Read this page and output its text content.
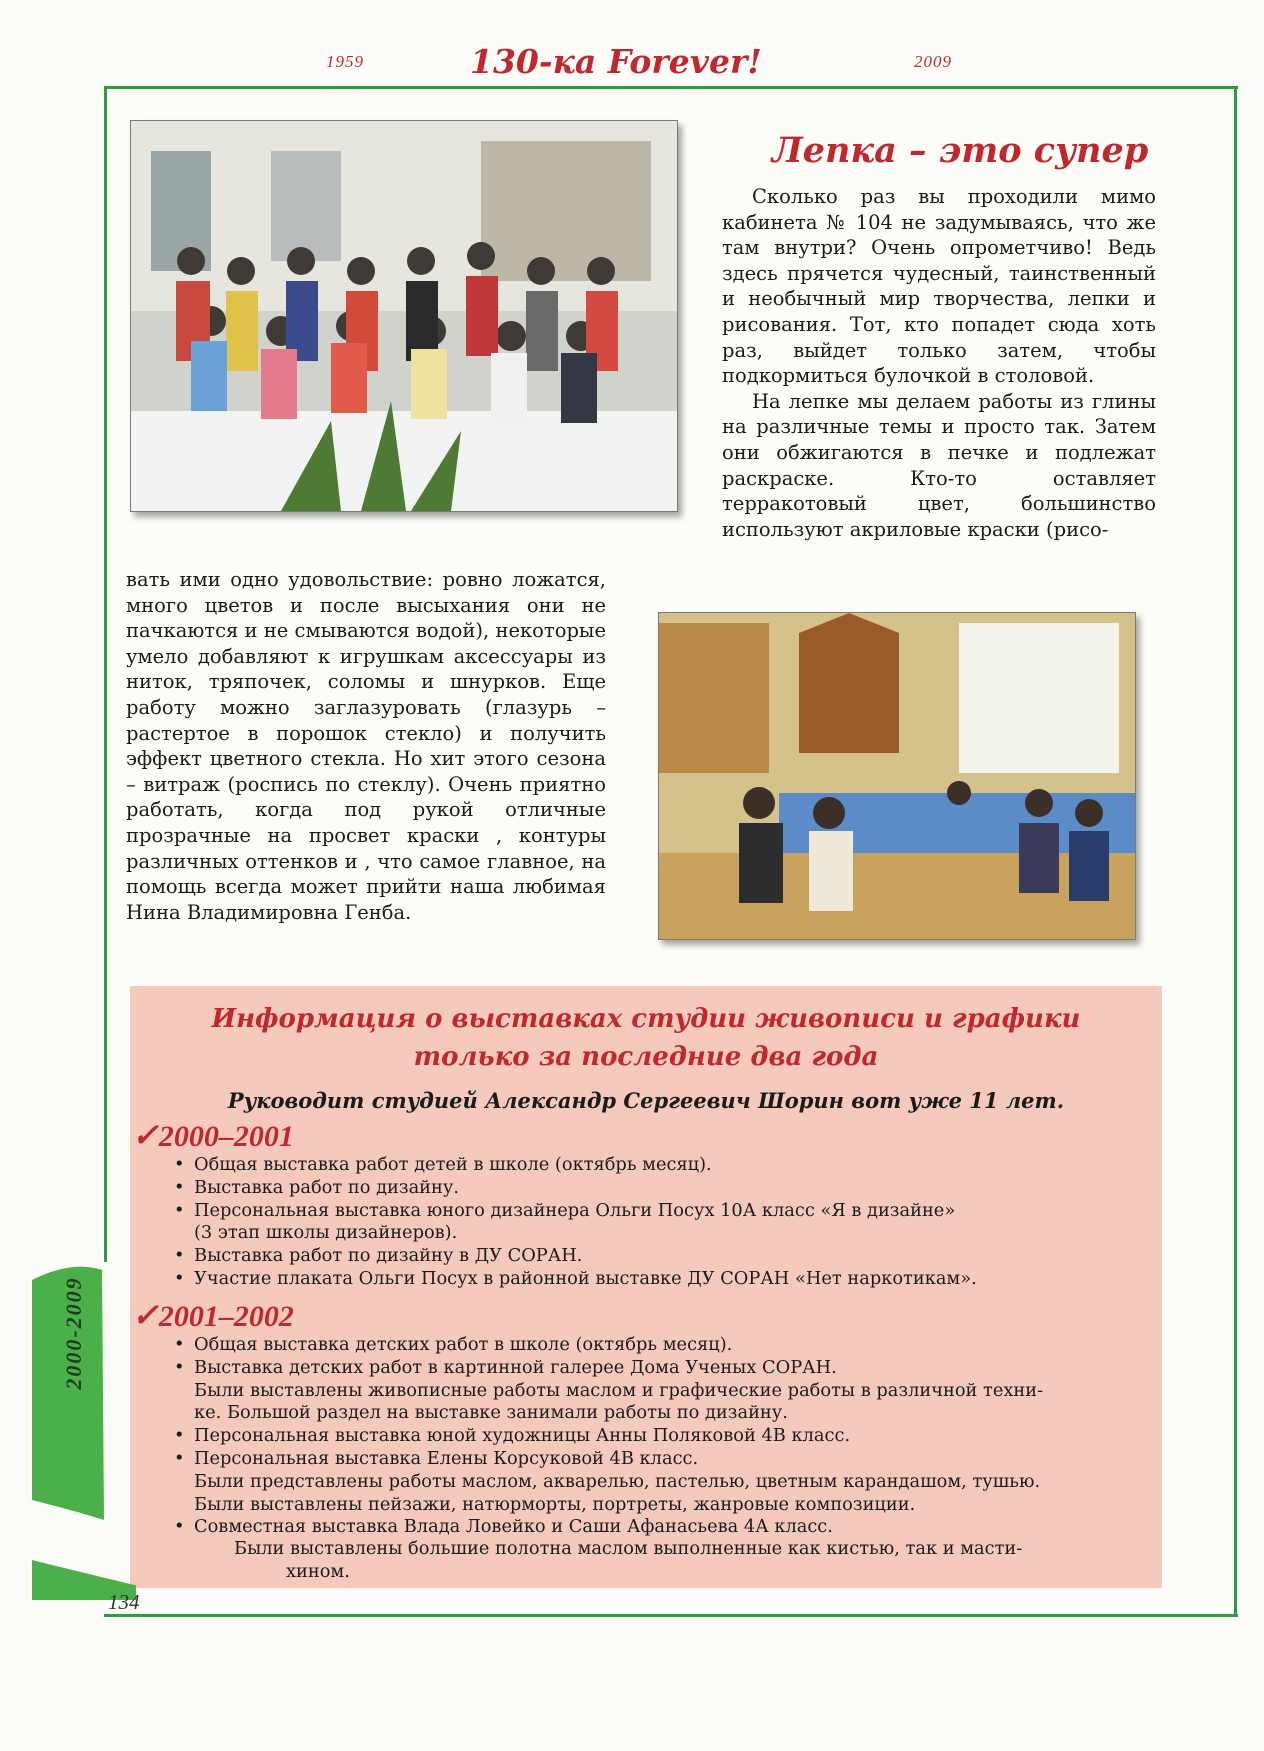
1959	130-ка Forever!	2009
Лепка – это супер

Сколько раз вы проходили мимо кабинета № 104 не задумываясь, что же там внутри? Очень опрометчиво! Ведь здесь прячется чудесный, таинственный и необычный мир творчества, лепки и рисования. Тот, кто попадет сюда хоть раз, выйдет только затем, чтобы подкормиться булочкой в столовой.

На лепке мы делаем работы из глины на различные темы и просто так. Затем они обжигаются в печке и подлежат раскраске. Кто-то оставляет терракотовый цвет, большинство используют акриловые краски (рисо-

вать ими одно удовольствие: ровно ложатся, много цветов и после высыхания они не пачкаются и не смываются водой), некоторые умело добавляют к игрушкам аксессуары из ниток, тряпочек, соломы и шнурков. Еще работу можно заглазуровать (глазурь – растертое в порошок стекло) и получить эффект цветного стекла. Но хит этого сезона – витраж (роспись по стеклу). Очень приятно работать, когда под рукой отличные прозрачные на просвет краски , контуры различных оттенков и , что самое главное, на помощь всегда может прийти наша любимая Нина Владимировна Генба.

Информация о выставках студии живописи и графики только за последние два года
Руководит студией Александр Сергеевич Шорин вот уже 11 лет.
✓2000–2001
• Общая выставка работ детей в школе (октябрь месяц).
• Выставка работ по дизайну.
• Персональная выставка юного дизайнера Ольги Посух 10А класс «Я в дизайне»
(3 этап школы дизайнеров).
• Выставка работ по дизайну в ДУ СОРАН.
• Участие плаката Ольги Посух в районной выставке ДУ СОРАН «Нет наркотикам».
✓2001–2002
• Общая выставка детских работ в школе (октябрь месяц).
• Выставка детских работ в картинной галерее Дома Ученых СОРАН.
Были выставлены живописные работы маслом и графические работы в различной техни-
ке. Большой раздел на выставке занимали работы по дизайну.
• Персональная выставка юной художницы Анны Поляковой 4В класс.
• Персональная выставка Елены Корсуковой 4В класс.
Были представлены работы маслом, акварелью, пастелью, цветным карандашом, тушью.
Были выставлены пейзажи, натюрморты, портреты, жанровые композиции.
• Совместная выставка Влада Ловейко и Саши Афанасьева 4А класс.
Были выставлены большие полотна маслом выполненные как кистью, так и масти-
хином.
2000-2009
134
